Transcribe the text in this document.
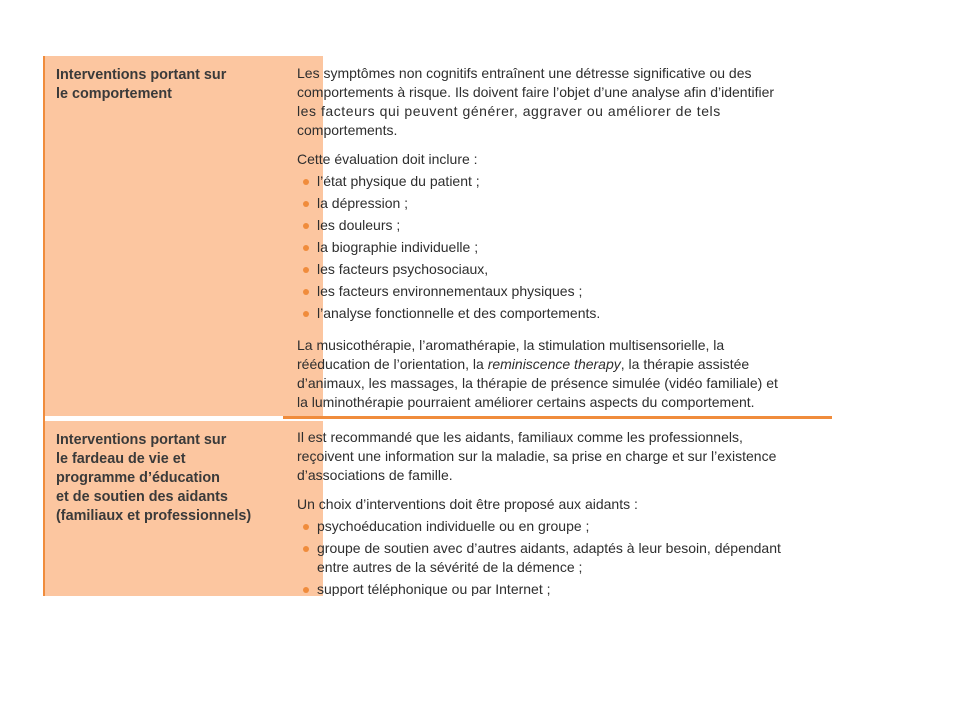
Interventions portant sur
le comportement

Les symptômes non cognitifs entraînent une détresse significative ou des
comportements à risque. Ils doivent faire l’objet d’une analyse afin d’identifier
les facteurs qui peuvent générer, aggraver ou améliorer de tels
comportements.

Cette évaluation doit inclure :

l’état physique du patient ;
la dépression ;
les douleurs ;
la biographie individuelle ;
les facteurs psychosociaux,
les facteurs environnementaux physiques ;
l’analyse fonctionnelle et des comportements.

La musicothérapie, l’aromathérapie, la stimulation multisensorielle, la
rééducation de l’orientation, la reminiscence therapy, la thérapie assistée
d’animaux, les massages, la thérapie de présence simulée (vidéo familiale) et
la luminothérapie pourraient améliorer certains aspects du comportement.

Interventions portant sur
le fardeau de vie et
programme d’éducation
et de soutien des aidants
(familiaux et professionnels)

Il est recommandé que les aidants, familiaux comme les professionnels,
reçoivent une information sur la maladie, sa prise en charge et sur l’existence
d’associations de famille.

Un choix d’interventions doit être proposé aux aidants :

psychoéducation individuelle ou en groupe ;
groupe de soutien avec d’autres aidants, adaptés à leur besoin, dépendant
entre autres de la sévérité de la démence ;
support téléphonique ou par Internet ;
